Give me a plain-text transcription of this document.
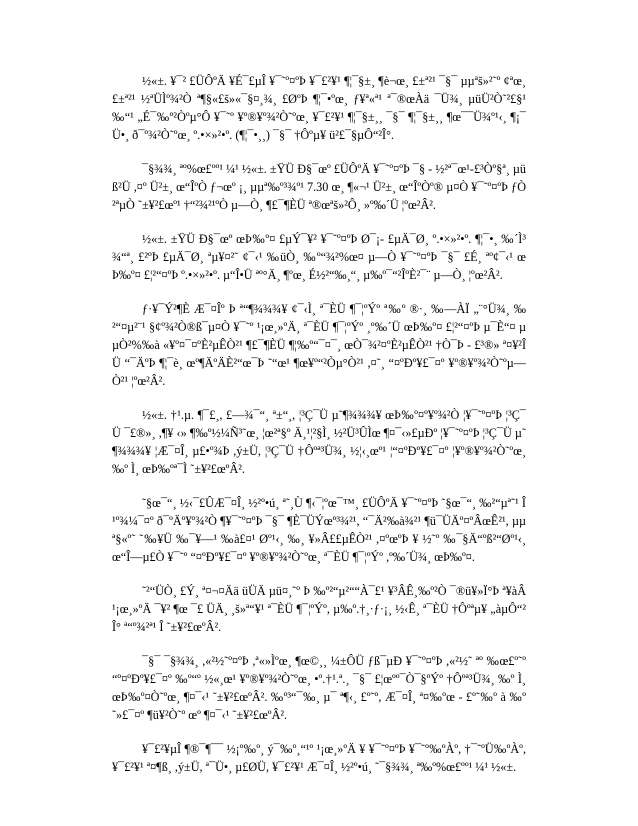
½«±. ¥¯² £ÜÔºÄ ¥É¯£µÎ ¥¯˜º¤ºÞ ¥¯£²¥¹ ¶¦¯§±¸ ¶è¬œ¸ £±ª²¹ ¯§¯ µµªš»²˜º ¢ªœ¸ £±ª²¹ ½ªÜÌº¾²Ò ª¶§«£š»«¯§¤¸¾¸ £ØºÞ ¶¦¯•ºœ¸ ƒ¥ª«ª¹ ª¯®œÀä ¯Ü¾¸ µüÜ²Ò˜²£§¹ ‰“¹ „É¯‰º²Òºµ°Ô ¥¯˜º ¥º®¥º¾²Ò˜ºœ¸ ¥¯£²¥¹ ¶¦¯§±¸¸ ¯§¯ ¶¦¯§±¸¸ ¶œ¯¯Ü¾º¹‹¸ ¶¡¯Ü•¸ ð¯º¾²Ò˜ºœ¸ º.•×»²•º. (¶¦¯•¸¸) ¯§¯ †Ôºµ¥ ü²£¯§µÔ“²Î°.

¯§¾¾¸ ªº%œ£ºº¹ ¼¹ ½«±. ±ŸÜ Ð§¯œº £ÜÔºÄ ¥¯˜º¤ºÞ ¯§ - ½²ª¯œ¹-£³Òº§ª¸ µüß²Ü ,¤º Ü²±¸ œ“ÎºÒ ƒ¬œº ¡¸ µµª‰º³¾º¹ 7.30 œ¸ ¶«¬¹ Ü²±¸ œ“ÎºÒº® µ¤Ò ¥¯˜º¤ºÞ ƒÒ²ªµÒ ˜±¥²£œº¹ †“²¾²¹ºÒ µ—Ò¸ ¶£¯¶ÈÜ ª®œªš»²Ô¸ »º‰´Ü ¦ºœ²Â².

½«±. ±ŸÜ Ð§¯œº œÞ‰º¤ £µÝ¯¥² ¥¯˜º¤ºÞ Ø¯¡- £µÄ¯Ø¸ º.•×»²•º. ¶¦¯•¸ ‰´Ì³¾“ª¸ £²ºÞ £µÄ¯Ø¸ ªµ¥¤²˜ ¢¯‹¹ ‰üÒ¸ ‰º“¾²%œ¤ µ—Ò ¥¯˜º¤ºÞ ¯§¯ £É¸ ªº¢¯‹¹ œÞ‰º¤ £¦²“¤ºÞ º.•×»²•º. µ“Î•Ü ªº°Ä¸ ¶ºœ¸ É½²“‰¸“¸ µ‰º¯“²ÎºÈ²¯¨ µ—Ò¸ ¦ºœ²Â².

ƒ·¥¯Ý²¶È Æ¯¤Îº Þ ª“¶¾¾¾¥ ¢¯‹Ì¸ ª¯ÈÜ ¶¯¦ºÝº ª‰º ®·¸ ‰—ÀÏ „¨°Ü¾¸ ‰²“¤µ²¨¹ §¢º¾²Ò®ß¯µ¤Ò ¥¯˜º ¹¡œ¸»ºÄ¸ ª¯ÈÜ ¶¯¦ºÝº ¸º‰´Ü œÞ‰º¤ £¦²“¤ºÞ µ¯È“¤ µµÒ²%‰à «¥º¤¯¤ºÈ²µÊÒ²¹ ¶£¯¶ÈÜ ¶¦‰º“¯¤¯¸ œÒ¯¾²¤ºÈ²µÊÒ²¹ †Ò¯Þ - £³®» ª¤¥²ÎÜ “¯ÄºÞ ¶¦¯è¸ œº¶ÄºÄÈ²“œ¯Þ ˜“œ¹ ¶œ¥º“²Òµ°Ò²¹ ,¤˜¸ “¤ºÐº¥£¯¤º ¥º®¥º¾²Ò˜ºµ—Ò²¹ ¦ºœ²Â².

½«±. †¹.µ. ¶¯£¸, £—¾¯“¸ ª±“¸, ¦³Ç¯Ü µ˜¶¾¾¾¥ œÞ‰º¤º¥º¾²Ò ¦¥¯˜º¤ºÞ ¦³Ç¯Ü ¯£®»¸ ,¶¥ ‹» ¶‰º½¼Ñ³˜œ¸ ¦œ²ª§º Ä¸¹¦²§Ì¸ ½²Ü³ÛÌœ ¶¤¯‹»£µÐº ¦¥¯˜º¤ºÞ ¦³Ç¯Ü µ˜¶¾¾¾¥ ¦Æ¯¤Î¸ µ£•º¾Þ ,ý±Ü, ¦³Ç¯Ü †Ôºª³Ü¾¸ ½¦‹¸œº¹ ¦“¤ºÐº¥£¯¤º ¦¥º®¥º¾²Ò˜ºœ¸ ‰º Ì¸ œÞ‰ºª¯Ì ˜±¥²£œºÂ².

˜§œ¯“¸ ½‹¯£ÛÆ¯¤Î¸ ½²º•ú¸ ª˜¸Ù ¶‹¯¦ºœ¯™¸ £ÜÔºÄ ¥¯˜º¤ºÞ ˜§œ¯“¸ ‰²“µª˜¹ Î¹º¾¼¯¤º ð¯ºÄº¥º¾²Ò ¶¥¯˜º¤ºÞ ¯§¯ ¶È¯ÜÝœº³¾²¹, “¯Ä²‰à¾²¹ ¶ü¯ÜÄº¤ºÂœÊ²¹, µµª§«º˜ ˜‰¥Ü ‰¯¥—¹ ‰à£¤¹ Øº¹‹¸ ‰¸ ¥»Â££µÊÒ²¹ ,¤ºœºÞ ¥ ½˜º ‰¯§Ä“ºß²“Øº¹‹¸ œ“Î—µ£Ò ¥¯˜º “¤ºÐº¥£¯¤º ¥º®¥º¾²Ò˜ºœ¸ ª¯ÈÜ ¶¯¦ºÝº ,º‰´Ü¾¸ œÞ‰º¤.

˜²“ÜÒ¸ £Ý¸ ª¤¬¤Ää üÜÄ µü¤¸˜º Þ ‰º²“µ²““À¯£¹ ¥³ÂÊ¸‰º²Ò ¯®ü¥»Ï°Þ ª¥àÂ ¹¡œ¸»ºÄ ¯¥² ¶œ ¯£ ÜÄ¸ ¸š»ª“¥¹ ª¯ÈÜ ¶¯¦ºÝº, µ‰º.†¸·ƒ·¡¸ ½‹Ê¸ ª¯ÈÜ †Ôºªµ¥ „àµÔ“²Î° ª“º¾²ª¹ Î ˜±¥²£œºÂ².

¯§¯ ¯§¾¾¸ ,«²½˜º¤ºÞ ,ª«»Ìºœ¸ ¶œ©¸¸ ¼±ÔÜ ƒß¯µÐ ¥¯˜º¤ºÞ ,«²½˜ ªº ‰œ£º˜º “º¤ºÐº¥£¯¤º ‰º“º ½«¸œ¹ ¥º®¥º¾²Ò˜ºœ¸ •º.†¹.ª.¸ ¯§¯ £¦œºº¯Ò¯§ºÝº †Ôºª³Ü¾¸ ‰º Ì¸ œÞ‰º¤Ò˜ºœ¸ ¶¤¯‹¹ ˜±¥²£œºÂ². ‰º³“¯‰¸ µ¯ ª¶‹¸ £º˜º, Æ¯¤Î¸ ª¤‰ºœ - £º˜‰º à ‰º˜»£¯¤º ¶ü¥²Ò˜º œº ¶¤¯‹¹ ˜±¥²£œºÂ².

¥¯£²¥µÎ ¶®¯¶¯¯ ½¡º‰º¸ ý¯‰º¸“¹º ¹¡œ¸»ºÄ ¥ ¥¯˜º¤ºÞ ¥¯˜º‰ºÀº, †¯˜ºÜ‰ºÀº, ¥¯£²¥¹ ª¤¶ß¸ ,ý±Ü, ª¯Ü•¸ µ£ØÜ, ¥¯£²¥¹ Æ¯¤Î¸ ½²º•ú¸ ˜¯§¾¾¸ ª‰º%œ£ºº¹ ¼¹ ½«±.
